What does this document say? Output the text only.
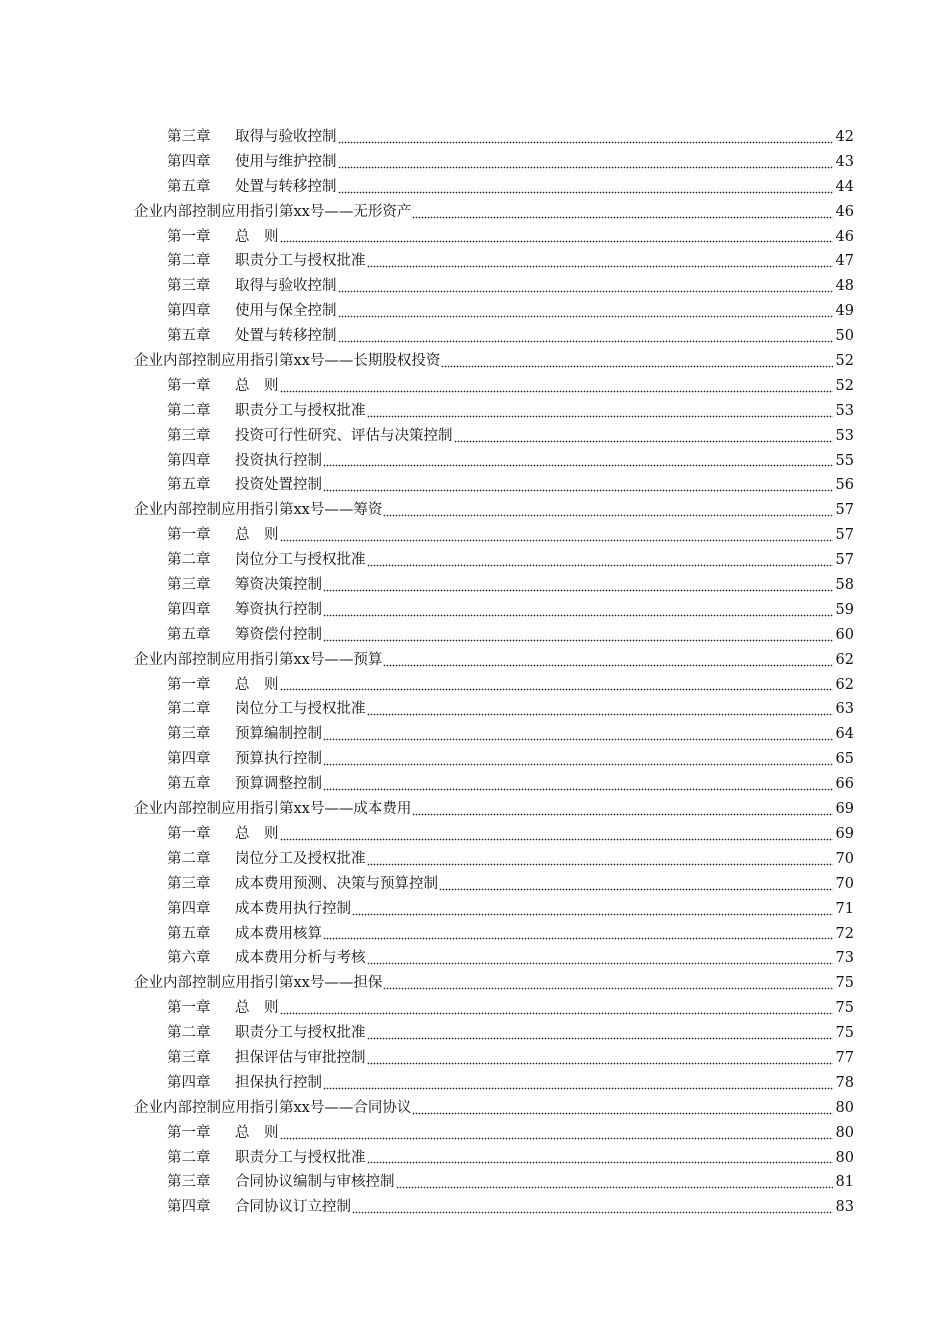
第三章	取得与验收控制	42
第四章	使用与维护控制	43
第五章	处置与转移控制	44
企业内部控制应用指引第xx号——无形资产	46
第一章	总　则	46
第二章	职责分工与授权批准	47
第三章	取得与验收控制	48
第四章	使用与保全控制	49
第五章	处置与转移控制	50
企业内部控制应用指引第xx号——长期股权投资	52
第一章	总　则	52
第二章	职责分工与授权批准	53
第三章	投资可行性研究、评估与决策控制	53
第四章	投资执行控制	55
第五章	投资处置控制	56
企业内部控制应用指引第xx号——筹资	57
第一章	总　则	57
第二章	岗位分工与授权批准	57
第三章	筹资决策控制	58
第四章	筹资执行控制	59
第五章	筹资偿付控制	60
企业内部控制应用指引第xx号——预算	62
第一章	总　则	62
第二章	岗位分工与授权批准	63
第三章	预算编制控制	64
第四章	预算执行控制	65
第五章	预算调整控制	66
企业内部控制应用指引第xx号——成本费用	69
第一章	总　则	69
第二章	岗位分工及授权批准	70
第三章	成本费用预测、决策与预算控制	70
第四章	成本费用执行控制	71
第五章	成本费用核算	72
第六章	成本费用分析与考核	73
企业内部控制应用指引第xx号——担保	75
第一章	总　则	75
第二章	职责分工与授权批准	75
第三章	担保评估与审批控制	77
第四章	担保执行控制	78
企业内部控制应用指引第xx号——合同协议	80
第一章	总　则	80
第二章	职责分工与授权批准	80
第三章	合同协议编制与审核控制	81
第四章	合同协议订立控制	83
